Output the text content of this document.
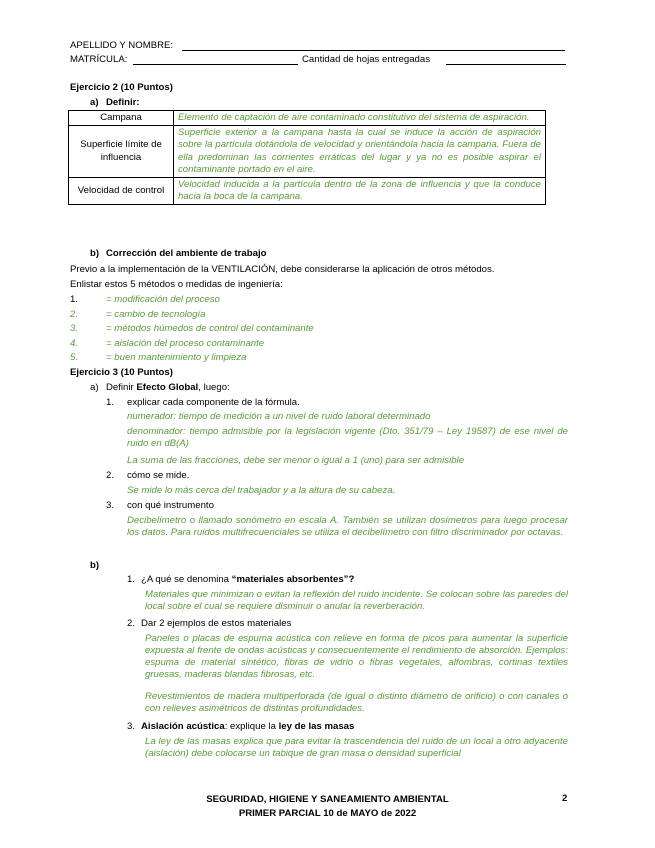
APELLIDO Y NOMBRE:
MATRÍCULA:	Cantidad de hojas entregadas
Ejercicio 2 (10 Puntos)
a) Definir:
Campana	Elemento de captación de aire contaminado constitutivo del sistema de aspiración.
Superficie límite de influencia	Superficie exterior a la campana hasta la cual se induce la acción de aspiración sobre la partícula dotándola de velocidad y orientándola hacia la campana. Fuera de ella predominan las corrientes erráticas del lugar y ya no es posible aspirar el contaminante portado en el aire.
Velocidad de control	Velocidad inducida a la partícula dentro de la zona de influencia y que la conduce hacia la boca de la campana.
b) Corrección del ambiente de trabajo
Previo a la implementación de la VENTILACIÓN, debe considerarse la aplicación de otros métodos.
Enlistar estos 5 métodos o medidas de ingeniería:
1.	= modificación del proceso
2.	= cambio de tecnología
3.	= métodos húmedos de control del contaminante
4.	= aislación del proceso contaminante
5.	= buen mantenimiento y limpieza
Ejercicio 3 (10 Puntos)
a) Definir Efecto Global, luego:
1. explicar cada componente de la fórmula.
numerador: tiempo de medición a un nivel de ruido laboral determinado
denominador: tiempo admisible por la legislación vigente (Dto. 351/79 – Ley 19587) de ese nivel de ruido en dB(A)
La suma de las fracciones, debe ser menor o igual a 1 (uno) para ser admisible
2. cómo se mide.
Se mide lo más cerca del trabajador y a la altura de su cabeza.
3. con qué instrumento
Decibelímetro o llamado sonómetro en escala A. También se utilizan dosímetros para luego procesar los datos. Para ruidos multifrecuenciales se utiliza el decibelímetro con filtro discriminador por octavas.
b)
1. ¿A qué se denomina “materiales absorbentes”?
Materiales que minimizan o evitan la reflexión del ruido incidente. Se colocan sobre las paredes del local sobre el cual se requiere disminuir o anular la reverberación.
2. Dar 2 ejemplos de estos materiales
Paneles o placas de espuma acústica con relieve en forma de picos para aumentar la superficie expuesta al frente de ondas acústicas y consecuentemente el rendimiento de absorción. Ejemplos: espuma de material sintético, fibras de vidrio o fibras vegetales, alfombras, cortinas textiles gruesas, maderas blandas fibrosas, etc.
Revestimientos de madera multiperforada (de igual o distinto diámetro de orificio) o con canales o con relieves asimétricos de distintas profundidades.
3. Aislación acústica: explique la ley de las masas
La ley de las masas explica que para evitar la trascendencia del ruido de un local a otro adyacente (aislación) debe colocarse un tabique de gran masa o densidad superficial
SEGURIDAD, HIGIENE Y SANEAMIENTO AMBIENTAL
PRIMER PARCIAL 10 de MAYO de 2022
2
